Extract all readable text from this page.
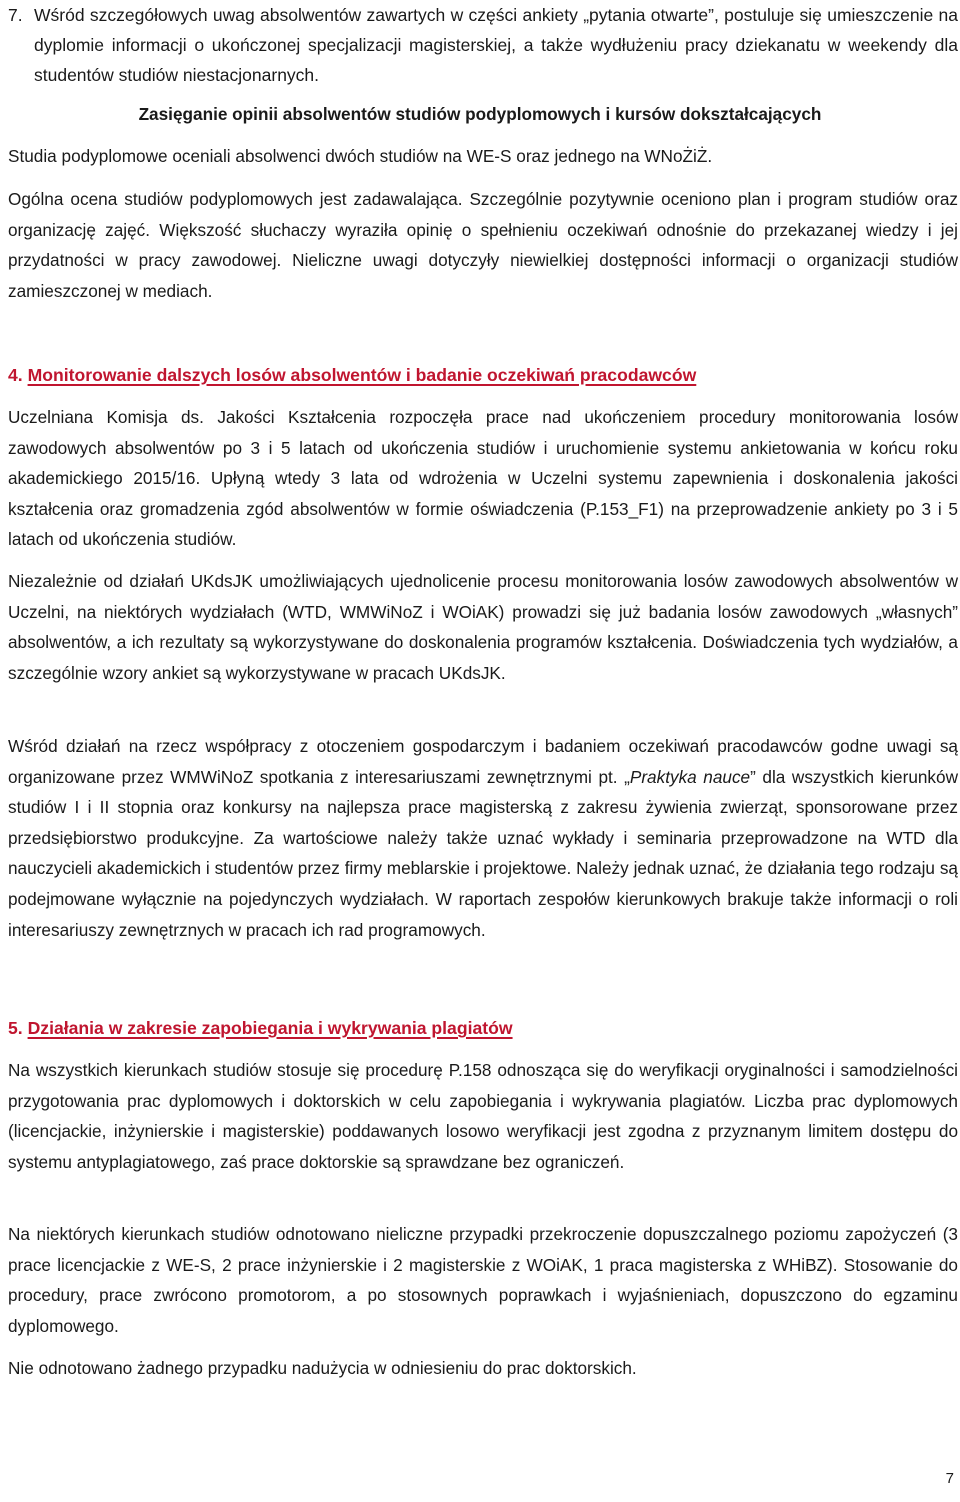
7. Wśród szczegółowych uwag absolwentów zawartych w części ankiety „pytania otwarte”, postuluje się umieszczenie na dyplomie informacji o ukończonej specjalizacji magisterskiej, a także wydłużeniu pracy dziekanatu w weekendy dla studentów studiów niestacjonarnych.
Zasięganie opinii absolwentów studiów podyplomowych i kursów dokształcających
Studia podyplomowe oceniali absolwenci dwóch studiów na WE-S oraz jednego na WNoŻiŻ.
Ogólna ocena studiów podyplomowych jest zadawalająca. Szczególnie pozytywnie oceniono plan i program studiów oraz organizację zajęć. Większość słuchaczy wyraziła opinię o spełnieniu oczekiwań odnośnie do przekazanej wiedzy i jej przydatności w pracy zawodowej. Nieliczne uwagi dotyczyły niewielkiej dostępności informacji o organizacji studiów zamieszczonej w mediach.
4. Monitorowanie dalszych losów absolwentów i badanie oczekiwań pracodawców
Uczelniana Komisja ds. Jakości Kształcenia rozpoczęła prace nad ukończeniem procedury monitorowania losów zawodowych absolwentów po 3 i 5 latach od ukończenia studiów i uruchomienie systemu ankietowania w końcu roku akademickiego 2015/16. Upłyną wtedy 3 lata od wdrożenia w Uczelni systemu zapewnienia i doskonalenia jakości kształcenia oraz gromadzenia zgód absolwentów w formie oświadczenia (P.153_F1) na przeprowadzenie ankiety po 3 i 5 latach od ukończenia studiów.
Niezależnie od działań UKdsJK umożliwiających ujednolicenie procesu monitorowania losów zawodowych absolwentów w Uczelni, na niektórych wydziałach (WTD, WMWiNoZ i WOiAK) prowadzi się już badania losów zawodowych „własnych” absolwentów, a ich rezultaty są wykorzystywane do doskonalenia programów kształcenia. Doświadczenia tych wydziałów, a szczególnie wzory ankiet są wykorzystywane w pracach UKdsJK.
Wśród działań na rzecz współpracy z otoczeniem gospodarczym i badaniem oczekiwań pracodawców godne uwagi są organizowane przez WMWiNoZ spotkania z interesariuszami zewnętrznymi pt. „Praktyka nauce” dla wszystkich kierunków studiów I i II stopnia oraz konkursy na najlepsza prace magisterską z zakresu żywienia zwierząt, sponsorowane przez przedsiębiorstwo produkcyjne. Za wartościowe należy także uznać wykłady i seminaria przeprowadzone na WTD dla nauczycieli akademickich i studentów przez firmy meblarskie i projektowe. Należy jednak uznać, że działania tego rodzaju są podejmowane wyłącznie na pojedynczych wydziałach. W raportach zespołów kierunkowych brakuje także informacji o roli interesariuszy zewnętrznych w pracach ich rad programowych.
5. Działania w zakresie zapobiegania i wykrywania plagiatów
Na wszystkich kierunkach studiów stosuje się procedurę P.158 odnosząca się do weryfikacji oryginalności i samodzielności przygotowania prac dyplomowych i doktorskich w celu zapobiegania i wykrywania plagiatów. Liczba prac dyplomowych (licencjackie, inżynierskie i magisterskie) poddawanych losowo weryfikacji jest zgodna z przyznanym limitem dostępu do systemu antyplagiatowego, zaś prace doktorskie są sprawdzane bez ograniczeń.
Na niektórych kierunkach studiów odnotowano nieliczne przypadki przekroczenie dopuszczalnego poziomu zapożyczeń (3 prace licencjackie z WE-S, 2 prace inżynierskie i 2 magisterskie z WOiAK, 1 praca magisterska z WHiBZ). Stosowanie do procedury, prace zwrócono promotorom, a po stosownych poprawkach i wyjaśnieniach, dopuszczono do egzaminu dyplomowego.
Nie odnotowano żadnego przypadku nadużycia w odniesieniu do prac doktorskich.
7
